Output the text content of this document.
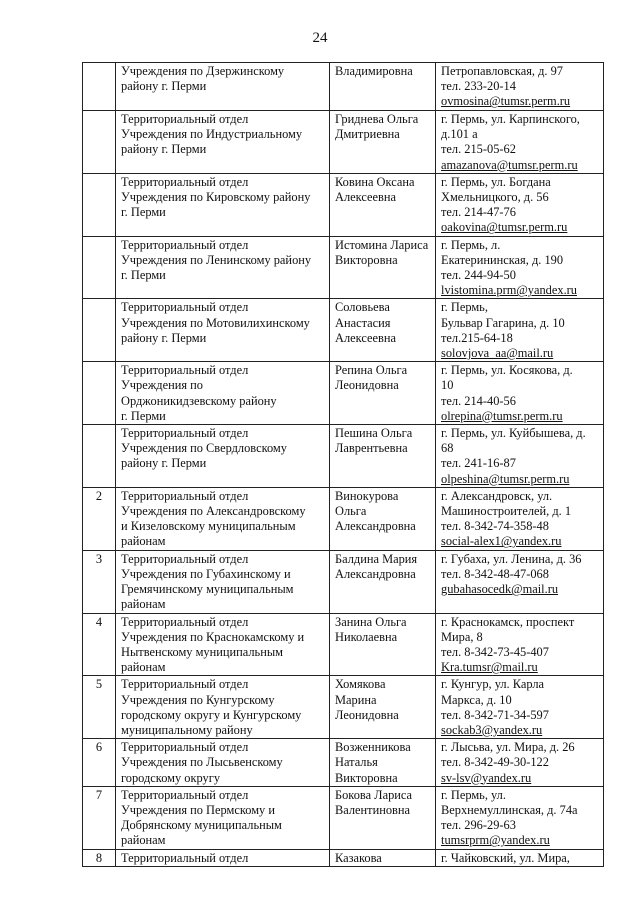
24

	Учреждения по Дзержинскому
району г. Перми	Владимировна	Петропавловская, д. 97
тел. 233-20-14
ovmosina@tumsr.perm.ru

	Территориальный отдел
Учреждения по Индустриальному
району г. Перми	Гриднева Ольга
Дмитриевна	г. Пермь, ул. Карпинского,
д.101 а
тел. 215-05-62
amazanova@tumsr.perm.ru

	Территориальный отдел
Учреждения по Кировскому району
г. Перми	Ковина Оксана
Алексеевна	г. Пермь, ул. Богдана
Хмельницкого, д. 56
тел. 214-47-76
oakovina@tumsr.perm.ru

	Территориальный отдел
Учреждения по Ленинскому району
г. Перми	Истомина Лариса
Викторовна	г. Пермь, л.
Екатерининская, д. 190
тел. 244-94-50
lvistomina.prm@yandex.ru

	Территориальный отдел
Учреждения по Мотовилихинскому
району г. Перми	Соловьева
Анастасия
Алексеевна	г. Пермь,
Бульвар Гагарина, д. 10
тел.215-64-18
solovjova_aa@mail.ru

	Территориальный отдел
Учреждения по
Орджоникидзевскому району
г. Перми	Репина Ольга
Леонидовна	г. Пермь, ул. Косякова, д.
10
тел. 214-40-56
olrepina@tumsr.perm.ru

	Территориальный отдел
Учреждения по Свердловскому
району г. Перми	Пешина Ольга
Лаврентьевна	г. Пермь, ул. Куйбышева, д.
68
тел. 241-16-87
olpeshina@tumsr.perm.ru

2	Территориальный отдел
Учреждения по Александровскому
и Кизеловскому муниципальным
районам	Винокурова
Ольга
Александровна	г. Александровск, ул.
Машиностроителей, д. 1
тел. 8-342-74-358-48
social-alex1@yandex.ru

3	Территориальный отдел
Учреждения по Губахинскому и
Гремячинскому муниципальным
районам	Балдина Мария
Александровна	г. Губаха, ул. Ленина, д. 36
тел. 8-342-48-47-068
gubahasocedk@mail.ru

4	Территориальный отдел
Учреждения по Краснокамскому и
Нытвенскому муниципальным
районам	Занина Ольга
Николаевна	г. Краснокамск, проспект
Мира, 8
тел. 8-342-73-45-407
Kra.tumsr@mail.ru

5	Территориальный отдел
Учреждения по Кунгурскому
городскому округу и Кунгурскому
муниципальному району	Хомякова
Марина
Леонидовна	г. Кунгур, ул. Карла
Маркса, д. 10
тел. 8-342-71-34-597
sockab3@yandex.ru

6	Территориальный отдел
Учреждения по Лысьвенскому
городскому округу	Возженникова
Наталья
Викторовна	г. Лысьва, ул. Мира, д. 26
тел. 8-342-49-30-122
sv-lsv@yandex.ru

7	Территориальный отдел
Учреждения по Пермскому и
Добрянскому муниципальным
районам	Бокова Лариса
Валентиновна	г. Пермь, ул.
Верхнемуллинская, д. 74а
тел. 296-29-63
tumsrprm@yandex.ru

8	Территориальный отдел	Казакова	г. Чайковский, ул. Мира,
